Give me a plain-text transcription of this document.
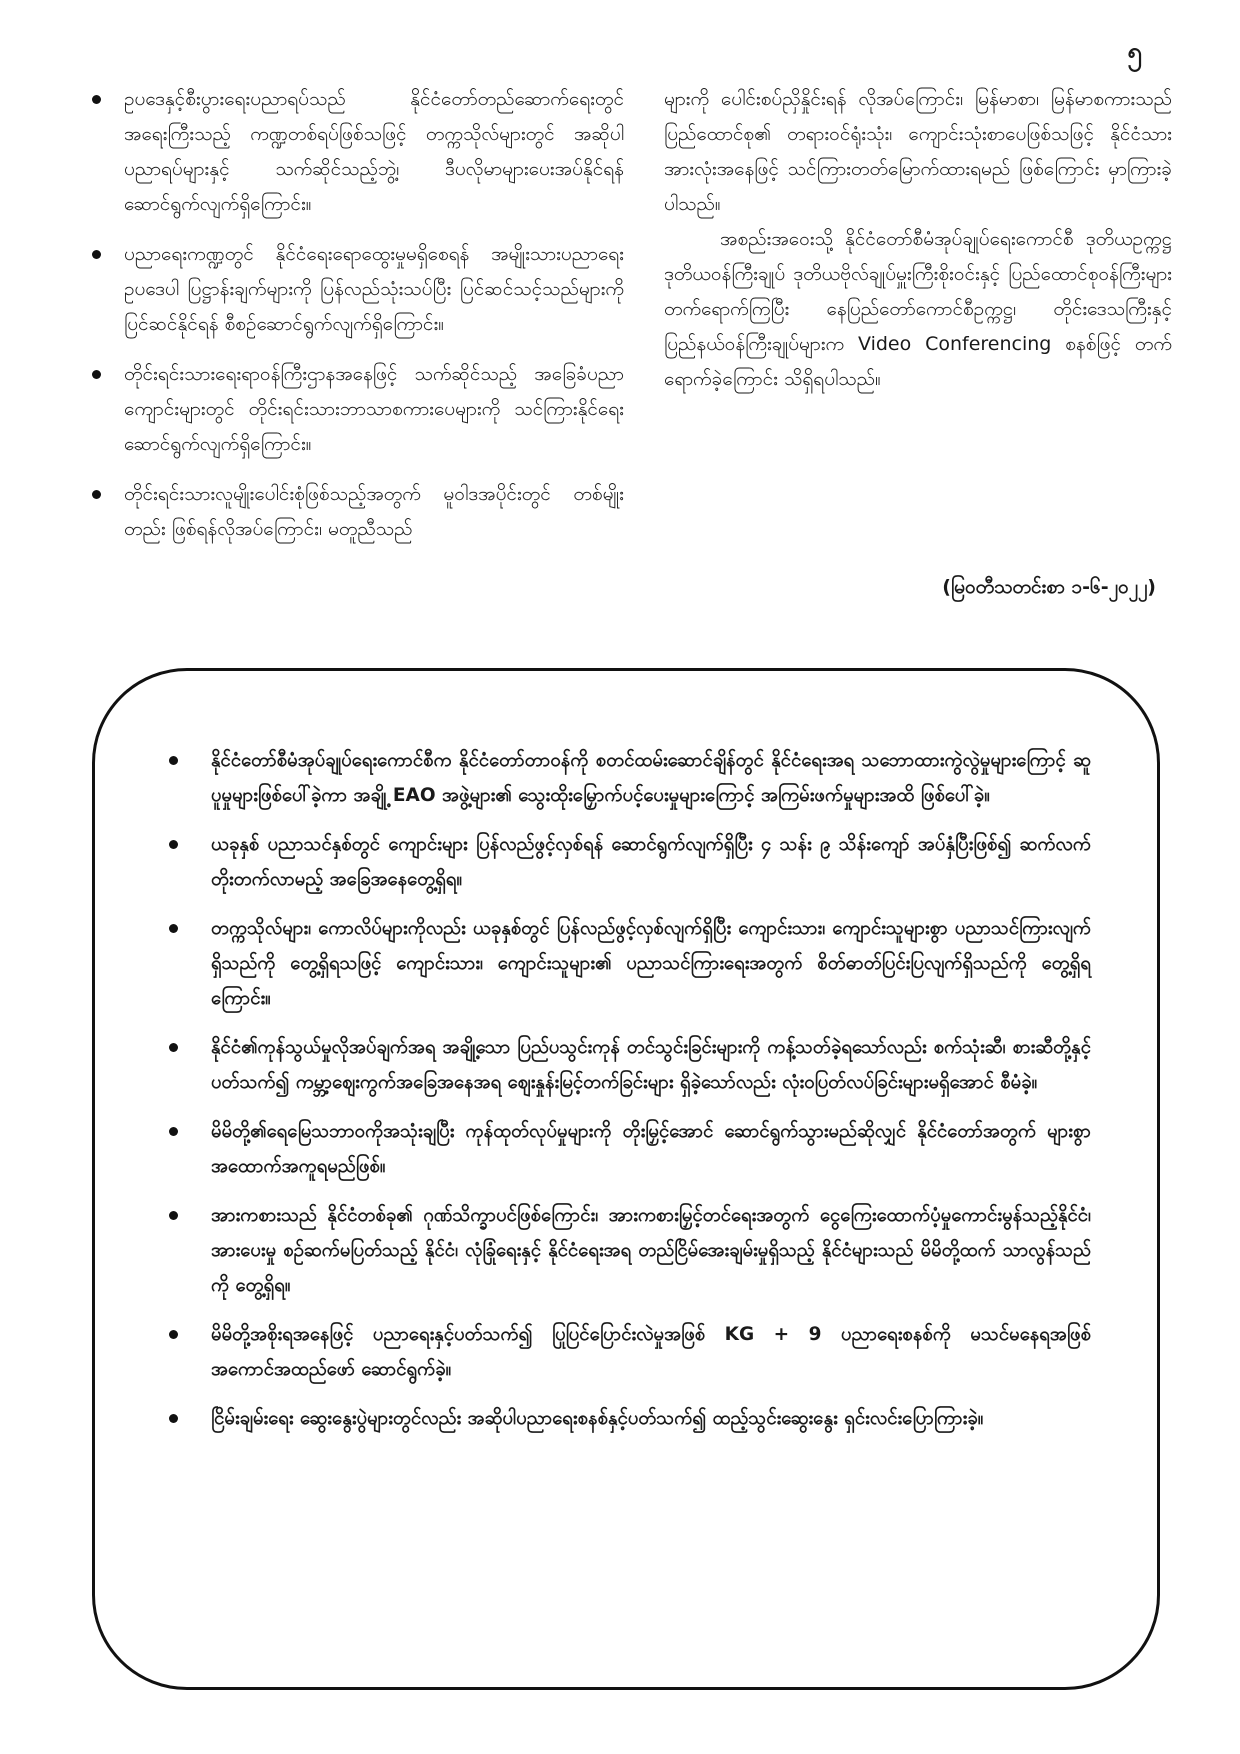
၅
ဥပဒေနှင့်စီးပွားရေးပညာရပ်သည် နိုင်ငံတော်တည်ဆောက်ရေးတွင် အရေးကြီးသည့် ကဏ္ဍတစ်ရပ်ဖြစ်သဖြင့် တက္ကသိုလ်များတွင် အဆိုပါပညာရပ်များနှင့် သက်ဆိုင်သည့်ဘွဲ့၊ ဒီပလိုမာများပေးအပ်နိုင်ရန် ဆောင်ရွက်လျက်ရှိကြောင်း။
ပညာရေးကဏ္ဍတွင် နိုင်ငံရေးရောထွေးမှုမရှိစေရန် အမျိုးသားပညာရေးဥပဒေပါ ပြဋ္ဌာန်းချက်များကို ပြန်လည်သုံးသပ်ပြီး ပြင်ဆင်သင့်သည်များကို ပြင်ဆင်နိုင်ရန် စီစဉ်ဆောင်ရွက်လျက်ရှိကြောင်း။
တိုင်းရင်းသားရေးရာဝန်ကြီးဌာနအနေဖြင့် သက်ဆိုင်သည့် အခြေခံပညာကျောင်းများတွင် တိုင်းရင်းသားဘာသာစကားပေများကို သင်ကြားနိုင်ရေး ဆောင်ရွက်လျက်ရှိကြောင်း။
တိုင်းရင်းသားလူမျိုးပေါင်းစုံဖြစ်သည့်အတွက် မူဝါဒအပိုင်းတွင် တစ်မျိုးတည်း ဖြစ်ရန်လိုအပ်ကြောင်း၊ မတူညီသည်

များကို ပေါင်းစပ်ညှိနှိုင်းရန် လိုအပ်ကြောင်း၊ မြန်မာစာ၊ မြန်မာစကားသည် ပြည်ထောင်စု၏ တရားဝင်ရုံးသုံး၊ ကျောင်းသုံးစာပေဖြစ်သဖြင့် နိုင်ငံသားအားလုံးအနေဖြင့် သင်ကြားတတ်မြောက်ထားရမည် ဖြစ်ကြောင်း မှာကြားခဲ့ပါသည်။

အစည်းအဝေးသို့ နိုင်ငံတော်စီမံအုပ်ချုပ်ရေးကောင်စီ ဒုတိယဥက္ကဋ္ဌ ဒုတိယဝန်ကြီးချုပ် ဒုတိယဗိုလ်ချုပ်မှူးကြီးစိုးဝင်းနှင့် ပြည်ထောင်စုဝန်ကြီးများ တက်ရောက်ကြပြီး နေပြည်တော်ကောင်စီဥက္ကဋ္ဌ၊ တိုင်းဒေသကြီးနှင့် ပြည်နယ်ဝန်ကြီးချုပ်များက Video Conferencing စနစ်ဖြင့် တက်ရောက်ခဲ့ကြောင်း သိရှိရပါသည်။

(မြဝတီသတင်းစာ ၁-၆-၂၀၂၂)
နိုင်ငံတော်စီမံအုပ်ချုပ်ရေးကောင်စီက နိုင်ငံတော်တာဝန်ကို စတင်ထမ်းဆောင်ချိန်တွင် နိုင်ငံရေးအရ သဘောထားကွဲလွဲမှုများကြောင့် ဆူပူမှုများဖြစ်ပေါ်ခဲ့ကာ အချို့ EAO အဖွဲ့များ၏ သွေးထိုးမြှောက်ပင့်ပေးမှုများကြောင့် အကြမ်းဖက်မှုများအထိ ဖြစ်ပေါ်ခဲ့။
ယခုနှစ် ပညာသင်နှစ်တွင် ကျောင်းများ ပြန်လည်ဖွင့်လှစ်ရန် ဆောင်ရွက်လျက်ရှိပြီး ၄ သန်း ၉ သိန်းကျော် အပ်နှံပြီးဖြစ်၍ ဆက်လက်တိုးတက်လာမည့် အခြေအနေတွေ့ရှိရ။
တက္ကသိုလ်များ၊ ကောလိပ်များကိုလည်း ယခုနှစ်တွင် ပြန်လည်ဖွင့်လှစ်လျက်ရှိပြီး ကျောင်းသား၊ ကျောင်းသူများစွာ ပညာသင်ကြားလျက်ရှိသည်ကို တွေ့ရှိရသဖြင့် ကျောင်းသား၊ ကျောင်းသူများ၏ ပညာသင်ကြားရေးအတွက် စိတ်ဓာတ်ပြင်းပြလျက်ရှိသည်ကို တွေ့ရှိရကြောင်း။
နိုင်ငံ၏ကုန်သွယ်မှုလိုအပ်ချက်အရ အချို့သော ပြည်ပသွင်းကုန် တင်သွင်းခြင်းများကို ကန့်သတ်ခဲ့ရသော်လည်း စက်သုံးဆီ၊ စားဆီတို့နှင့်ပတ်သက်၍ ကမ္ဘာ့ဈေးကွက်အခြေအနေအရ ဈေးနှုန်းမြင့်တက်ခြင်းများ ရှိခဲ့သော်လည်း လုံးဝပြတ်လပ်ခြင်းများမရှိအောင် စီမံခဲ့။
မိမိတို့၏ရေမြေသဘာဝကိုအသုံးချပြီး ကုန်ထုတ်လုပ်မှုများကို တိုးမြှင့်အောင် ဆောင်ရွက်သွားမည်ဆိုလျှင် နိုင်ငံတော်အတွက် များစွာအထောက်အကူရမည်ဖြစ်။
အားကစားသည် နိုင်ငံတစ်ခု၏ ဂုဏ်သိက္ခာပင်ဖြစ်ကြောင်း၊ အားကစားမြှင့်တင်ရေးအတွက် ငွေကြေးထောက်ပံ့မှုကောင်းမွန်သည့်နိုင်ငံ၊ အားပေးမှု စဉ်ဆက်မပြတ်သည့် နိုင်ငံ၊ လုံခြုံရေးနှင့် နိုင်ငံရေးအရ တည်ငြိမ်အေးချမ်းမှုရှိသည့် နိုင်ငံများသည် မိမိတို့ထက် သာလွန်သည်ကို တွေ့ရှိရ။
မိမိတို့အစိုးရအနေဖြင့် ပညာရေးနှင့်ပတ်သက်၍ ပြုပြင်ပြောင်းလဲမှုအဖြစ် KG + 9 ပညာရေးစနစ်ကို မသင်မနေရအဖြစ် အကောင်အထည်ဖော် ဆောင်ရွက်ခဲ့။
ငြိမ်းချမ်းရေး ဆွေးနွေးပွဲများတွင်လည်း အဆိုပါပညာရေးစနစ်နှင့်ပတ်သက်၍ ထည့်သွင်းဆွေးနွေး ရှင်းလင်းပြောကြားခဲ့။
